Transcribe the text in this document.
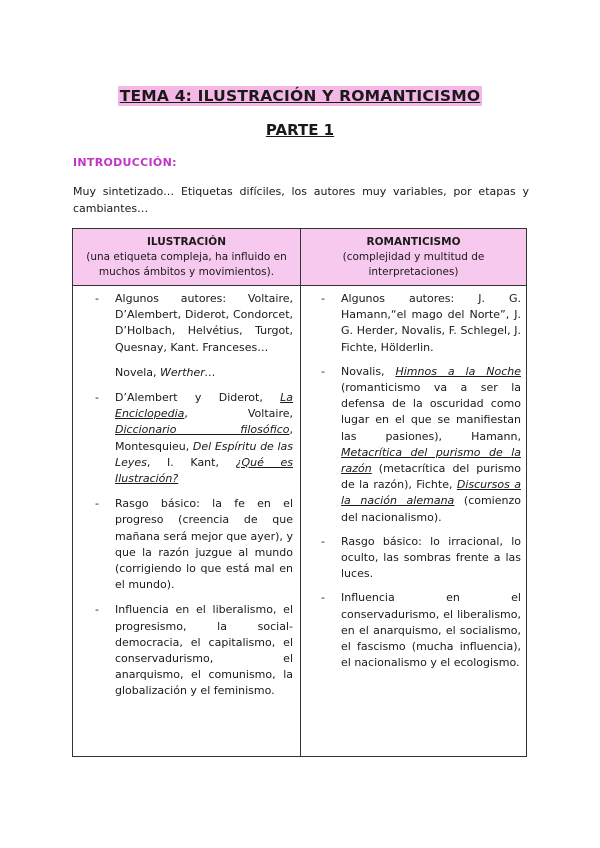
TEMA 4: ILUSTRACIÓN Y ROMANTICISMO
PARTE 1
INTRODUCCIÓN:
Muy sintetizado… Etiquetas difíciles, los autores muy variables, por etapas y cambiantes…
ILUSTRACIÓN
(una etiqueta compleja, ha influido en muchos ámbitos y movimientos).
ROMANTICISMO
(complejidad y multitud de interpretaciones)
- Algunos autores: Voltaire, D’Alembert, Diderot, Condorcet, D’Holbach, Helvétius, Turgot, Quesnay, Kant. Franceses…
Novela, Werther…
- D’Alembert y Diderot, La Enciclopedia, Voltaire, Diccionario filosófico, Montesquieu, Del Espíritu de las Leyes, I. Kant, ¿Qué es Ilustración?
- Rasgo básico: la fe en el progreso (creencia de que mañana será mejor que ayer), y que la razón juzgue al mundo (corrigiendo lo que está mal en el mundo).
- Influencia en el liberalismo, el progresismo, la social-democracia, el capitalismo, el conservadurismo, el anarquismo, el comunismo, la globalización y el feminismo.
- Algunos autores: J. G. Hamann,“el mago del Norte”, J. G. Herder, Novalis, F. Schlegel, J. Fichte, Hölderlin.
- Novalis, Himnos a la Noche (romanticismo va a ser la defensa de la oscuridad como lugar en el que se manifiestan las pasiones), Hamann, Metacrítica del purismo de la razón (metacrítica del purismo de la razón), Fichte, Discursos a la nación alemana (comienzo del nacionalismo).
- Rasgo básico: lo irracional, lo oculto, las sombras frente a las luces.
- Influencia en el conservadurismo, el liberalismo, en el anarquismo, el socialismo, el fascismo (mucha influencia), el nacionalismo y el ecologismo.
